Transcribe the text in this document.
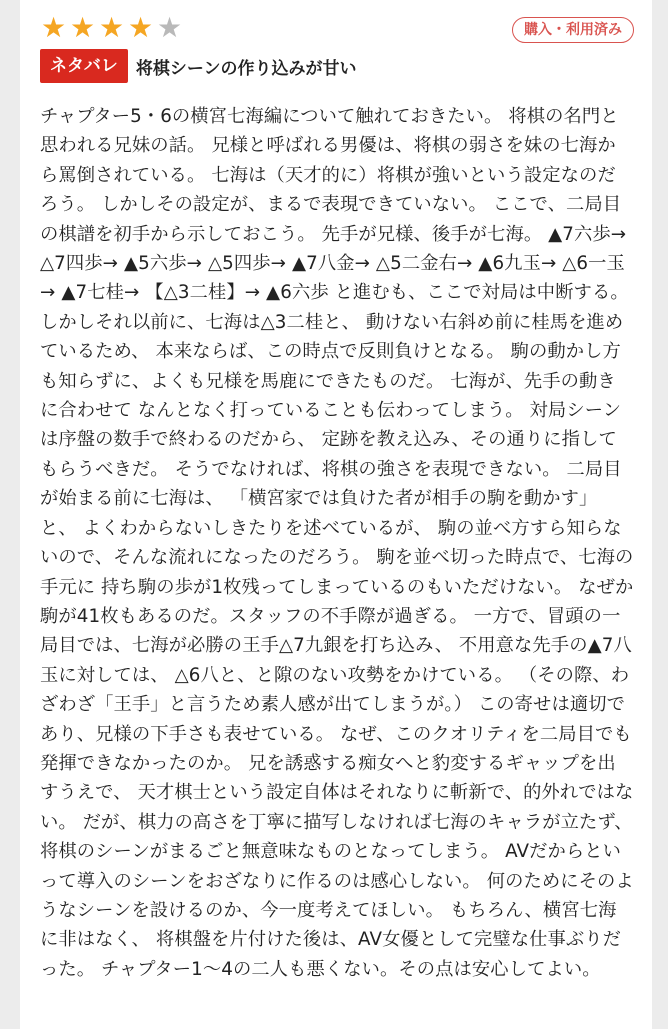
★ ★ ★ ★ ★	購入・利用済み
ネタバレ	将棋シーンの作り込みが甘い
チャプター5・6の横宮七海編について触れておきたい。 将棋の名門と思われる兄妹の話。 兄様と呼ばれる男優は、将棋の弱さを妹の七海から罵倒されている。 七海は（天才的に）将棋が強いという設定なのだろう。 しかしその設定が、まるで表現できていない。 ここで、二局目の棋譜を初手から示しておこう。 先手が兄様、後手が七海。 ▲7六歩→ △7四歩→ ▲5六歩→ △5四歩→ ▲7八金→ △5二金右→ ▲6九玉→ △6一玉→ ▲7七桂→ 【△3二桂】→ ▲6六歩 と進むも、ここで対局は中断する。 しかしそれ以前に、七海は△3二桂と、 動けない右斜め前に桂馬を進めているため、 本来ならば、この時点で反則負けとなる。 駒の動かし方も知らずに、よくも兄様を馬鹿にできたものだ。 七海が、先手の動きに合わせて なんとなく打っていることも伝わってしまう。 対局シーンは序盤の数手で終わるのだから、 定跡を教え込み、その通りに指してもらうべきだ。 そうでなければ、将棋の強さを表現できない。 二局目が始まる前に七海は、 「横宮家では負けた者が相手の駒を動かす」と、 よくわからないしきたりを述べているが、 駒の並べ方すら知らないので、そんな流れになったのだろう。 駒を並べ切った時点で、七海の手元に 持ち駒の歩が1枚残ってしまっているのもいただけない。 なぜか駒が41枚もあるのだ。スタッフの不手際が過ぎる。 一方で、冒頭の一局目では、七海が必勝の王手△7九銀を打ち込み、 不用意な先手の▲7八玉に対しては、 △6八と、と隙のない攻勢をかけている。 （その際、わざわざ「王手」と言うため素人感が出てしまうが。） この寄せは適切であり、兄様の下手さも表せている。 なぜ、このクオリティを二局目でも発揮できなかったのか。 兄を誘惑する痴女へと豹変するギャップを出すうえで、 天才棋士という設定自体はそれなりに斬新で、的外れではない。 だが、棋力の高さを丁寧に描写しなければ七海のキャラが立たず、 将棋のシーンがまるごと無意味なものとなってしまう。 AVだからといって導入のシーンをおざなりに作るのは感心しない。 何のためにそのようなシーンを設けるのか、今一度考えてほしい。 もちろん、横宮七海に非はなく、 将棋盤を片付けた後は、AV女優として完璧な仕事ぶりだった。 チャプター1〜4の二人も悪くない。その点は安心してよい。
